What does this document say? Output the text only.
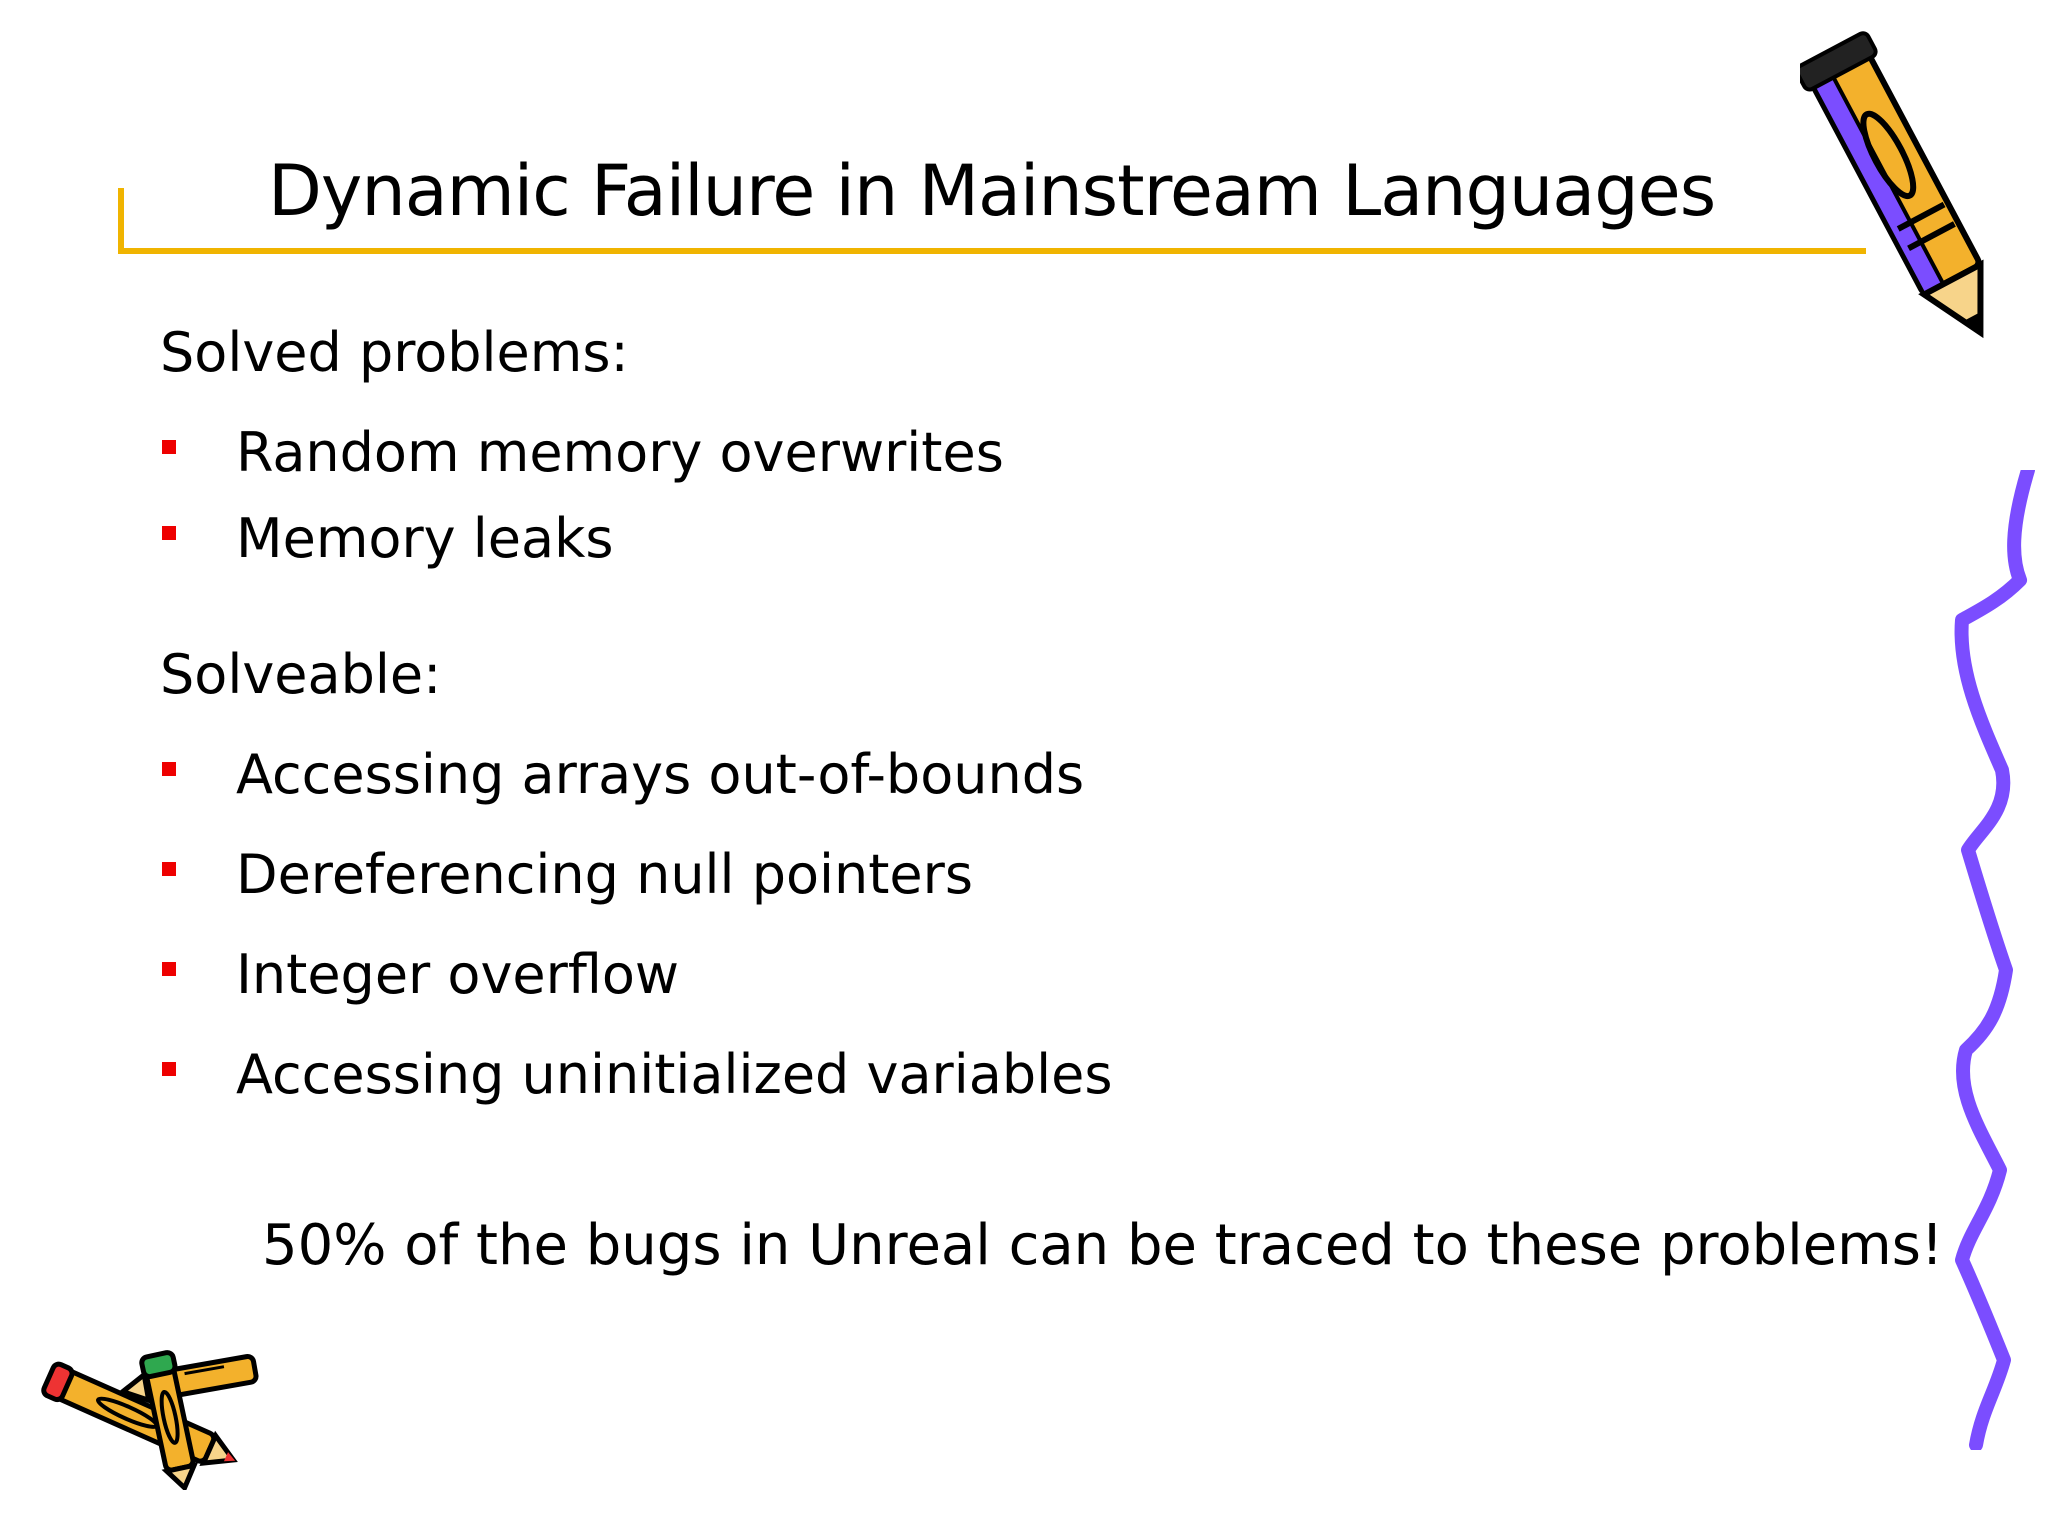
Dynamic Failure in Mainstream Languages
Solved problems:
Random memory overwrites
Memory leaks
Solveable:
Accessing arrays out-of-bounds
Dereferencing null pointers
Integer overflow
Accessing uninitialized variables
50% of the bugs in Unreal can be traced to these problems!
